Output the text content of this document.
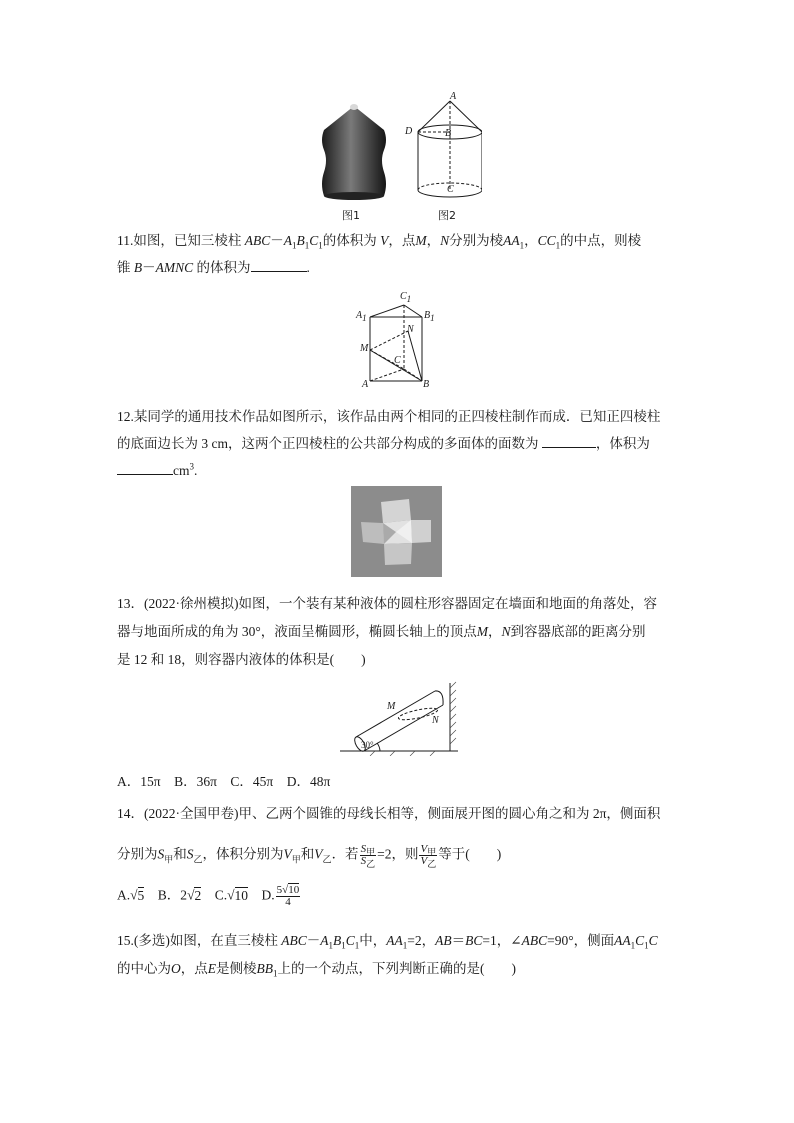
图1
A
D	B
C
图2
11.如图，已知三棱柱 $ABC-A_1B_1C_1$的体积为 V，点M，N分别为棱$AA_1$，$CC_1$的中点，则棱
锥 B－AMNC 的体积为	.
$C_1$
$A_1$	$B_1$
N
M
C
A	B
12.某同学的通用技术作品如图所示，该作品由两个相同的正四棱柱制作而成．已知正四棱柱
的底面边长为 3 cm，这两个正四棱柱的公共部分构成的多面体的面数为	，体积为
$cm^3$.
13．(2022·徐州模拟)如图，一个装有某种液体的圆柱形容器固定在墙面和地面的角落处，容
器与地面所成的角为 30°，液面呈椭圆形，椭圆长轴上的顶点M，N到容器底部的距离分别
是 12 和 18，则容器内液体的体积是(　　)
M
N
30°
A．15π　B．36π　C．45π　D．48π
14．(2022·全国甲卷)甲、乙两个圆锥的母线长相等，侧面展开图的圆心角之和为 2π，侧面积
分别为$S_甲$和$S_乙$，体积分别为$V_甲$和$V_乙$．若 $\frac{S_甲}{S_乙} =2$，则 $\frac{V_甲}{V_乙}$ 等于(　　)
A.√5　 B．2√2　 C.√10　 D. $\frac{5√10}{4}$
15.(多选)如图，在直三棱柱 $ABC-A_1B_1C_1$中，$AA_1=2$，AB＝BC=1，∠ABC=90°，侧面$AA_1C_1C$
的中心为O，点E是侧棱$BB_1$上的一个动点，下列判断正确的是(　　)
